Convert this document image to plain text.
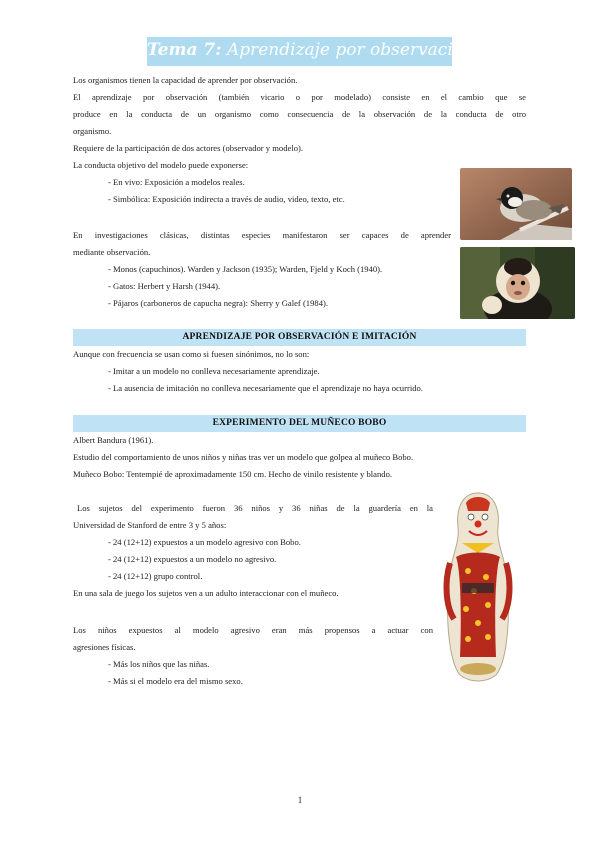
Tema 7: Aprendizaje por observación
Los organismos tienen la capacidad de aprender por observación.
El aprendizaje por observación (también vicario o por modelado) consiste en el cambio que se
produce en la conducta de un organismo como consecuencia de la observación de la conducta de otro
organismo.
Requiere de la participación de dos actores (observador y modelo).
La conducta objetivo del modelo puede exponerse:
- En vivo: Exposición a modelos reales.
- Simbólica: Exposición indirecta a través de audio, video, texto, etc.
En investigaciones clásicas, distintas especies manifestaron ser capaces de aprender
mediante observación.
- Monos (capuchinos). Warden y Jackson (1935); Warden, Fjeld y Koch (1940).
- Gatos: Herbert y Harsh (1944).
- Pájaros (carboneros de capucha negra): Sherry y Galef (1984).
APRENDIZAJE POR OBSERVACIÓN E IMITACIÓN
Aunque con frecuencia se usan como si fuesen sinónimos, no lo son:
- Imitar a un modelo no conlleva necesariamente aprendizaje.
- La ausencia de imitación no conlleva necesariamente que el aprendizaje no haya ocurrido.
EXPERIMENTO DEL MUÑECO BOBO
Albert Bandura (1961).
Estudio del comportamiento de unos niños y niñas tras ver un modelo que golpea al muñeco Bobo.
Muñeco Bobo: Tentempié de aproximadamente 150 cm. Hecho de vinilo resistente y blando.
Los sujetos del experimento fueron 36 niños y 36 niñas de la guardería en la
Universidad de Stanford de entre 3 y 5 años:
- 24 (12+12) expuestos a un modelo agresivo con Bobo.
- 24 (12+12) expuestos a un modelo no agresivo.
- 24 (12+12) grupo control.
En una sala de juego los sujetos ven a un adulto interaccionar con el muñeco.
Los niños expuestos al modelo agresivo eran más propensos a actuar con
agresiones físicas.
- Más los niños que las niñas.
- Más si el modelo era del mismo sexo.
1
